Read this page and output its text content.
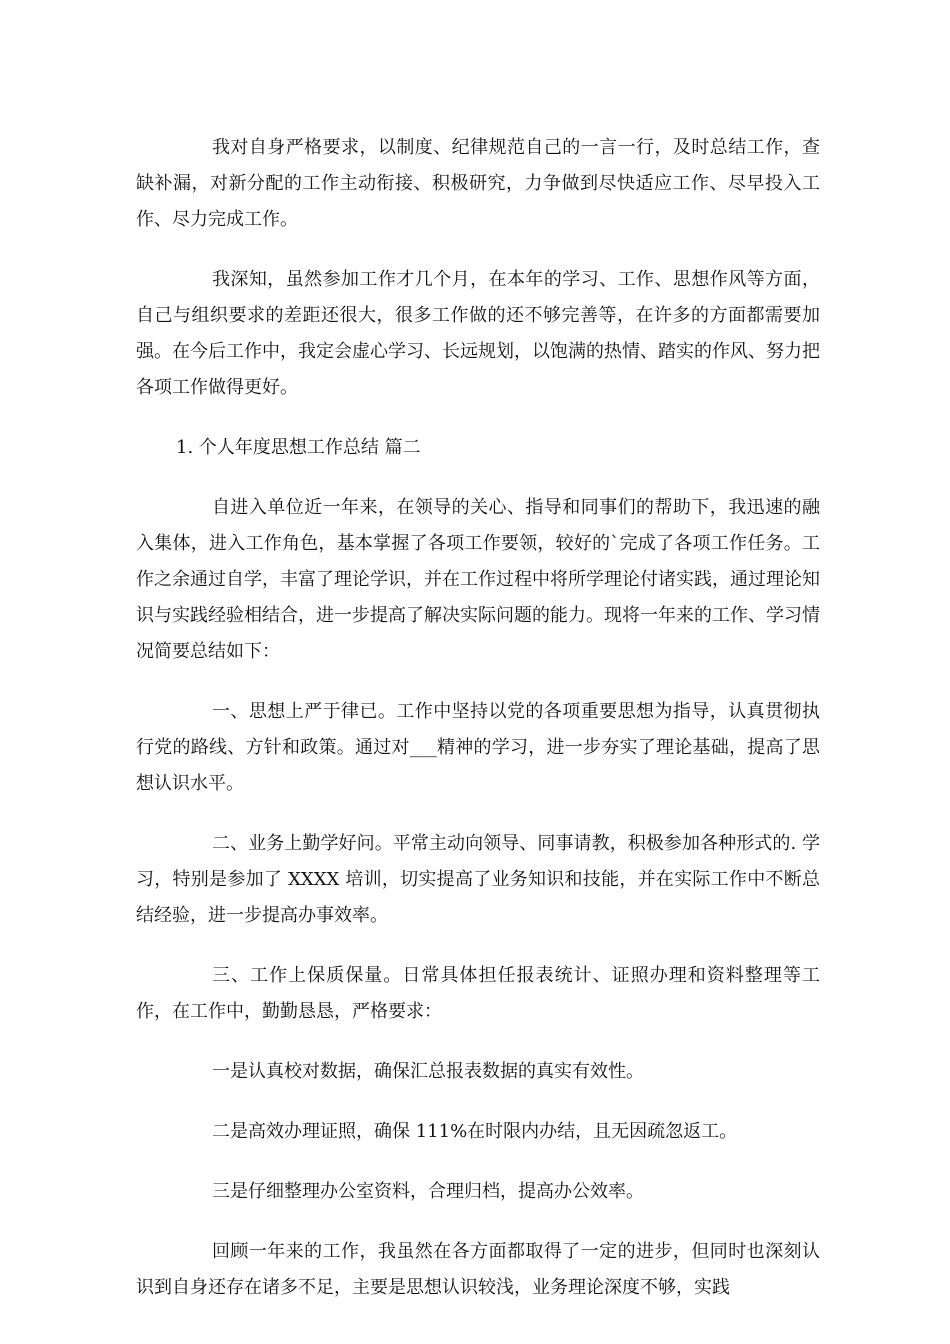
我对自身严格要求，以制度、纪律规范自己的一言一行，及时总结工作，查缺补漏，对新分配的工作主动衔接、积极研究，力争做到尽快适应工作、尽早投入工作、尽力完成工作。

我深知，虽然参加工作才几个月，在本年的学习、工作、思想作风等方面，自己与组织要求的差距还很大，很多工作做的还不够完善等，在许多的方面都需要加强。在今后工作中，我定会虚心学习、长远规划，以饱满的热情、踏实的作风、努力把各项工作做得更好。

1. 个人年度思想工作总结 篇二

自进入单位近一年来，在领导的关心、指导和同事们的帮助下，我迅速的融入集体，进入工作角色，基本掌握了各项工作要领，较好的`完成了各项工作任务。工作之余通过自学，丰富了理论学识，并在工作过程中将所学理论付诸实践，通过理论知识与实践经验相结合，进一步提高了解决实际问题的能力。现将一年来的工作、学习情况简要总结如下：

一、思想上严于律已。工作中坚持以党的各项重要思想为指导，认真贯彻执行党的路线、方针和政策。通过对___精神的学习，进一步夯实了理论基础，提高了思想认识水平。

二、业务上勤学好问。平常主动向领导、同事请教，积极参加各种形式的. 学习，特别是参加了 XXXX 培训，切实提高了业务知识和技能，并在实际工作中不断总结经验，进一步提高办事效率。

三、工作上保质保量。日常具体担任报表统计、证照办理和资料整理等工作，在工作中，勤勤恳恳，严格要求：

一是认真校对数据，确保汇总报表数据的真实有效性。

二是高效办理证照，确保 111%在时限内办结，且无因疏忽返工。

三是仔细整理办公室资料，合理归档，提高办公效率。

回顾一年来的工作，我虽然在各方面都取得了一定的进步，但同时也深刻认识到自身还存在诸多不足，主要是思想认识较浅，业务理论深度不够，实践
